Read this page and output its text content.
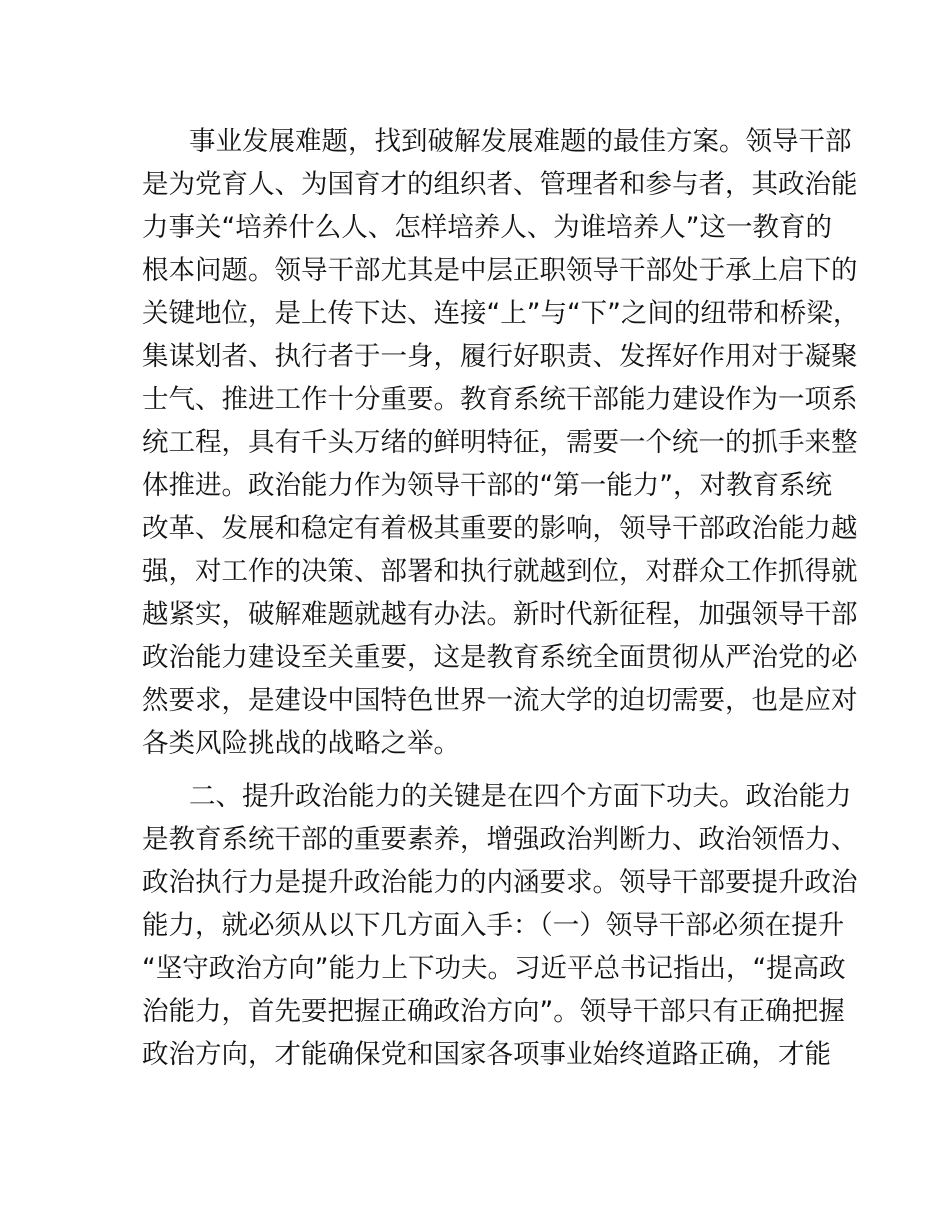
事业发展难题，找到破解发展难题的最佳方案。领导干部
是为党育人、为国育才的组织者、管理者和参与者，其政治能
力事关“培养什么人、怎样培养人、为谁培养人”这一教育的
根本问题。领导干部尤其是中层正职领导干部处于承上启下的
关键地位，是上传下达、连接“上”与“下”之间的纽带和桥梁，
集谋划者、执行者于一身，履行好职责、发挥好作用对于凝聚
士气、推进工作十分重要。教育系统干部能力建设作为一项系
统工程，具有千头万绪的鲜明特征，需要一个统一的抓手来整
体推进。政治能力作为领导干部的“第一能力”，对教育系统
改革、发展和稳定有着极其重要的影响，领导干部政治能力越
强，对工作的决策、部署和执行就越到位，对群众工作抓得就
越紧实，破解难题就越有办法。新时代新征程，加强领导干部
政治能力建设至关重要，这是教育系统全面贯彻从严治党的必
然要求，是建设中国特色世界一流大学的迫切需要，也是应对
各类风险挑战的战略之举。
二、提升政治能力的关键是在四个方面下功夫。政治能力
是教育系统干部的重要素养，增强政治判断力、政治领悟力、
政治执行力是提升政治能力的内涵要求。领导干部要提升政治
能力，就必须从以下几方面入手：（一）领导干部必须在提升
“坚守政治方向”能力上下功夫。习近平总书记指出，“提高政
治能力，首先要把握正确政治方向”。领导干部只有正确把握
政治方向，才能确保党和国家各项事业始终道路正确，才能
